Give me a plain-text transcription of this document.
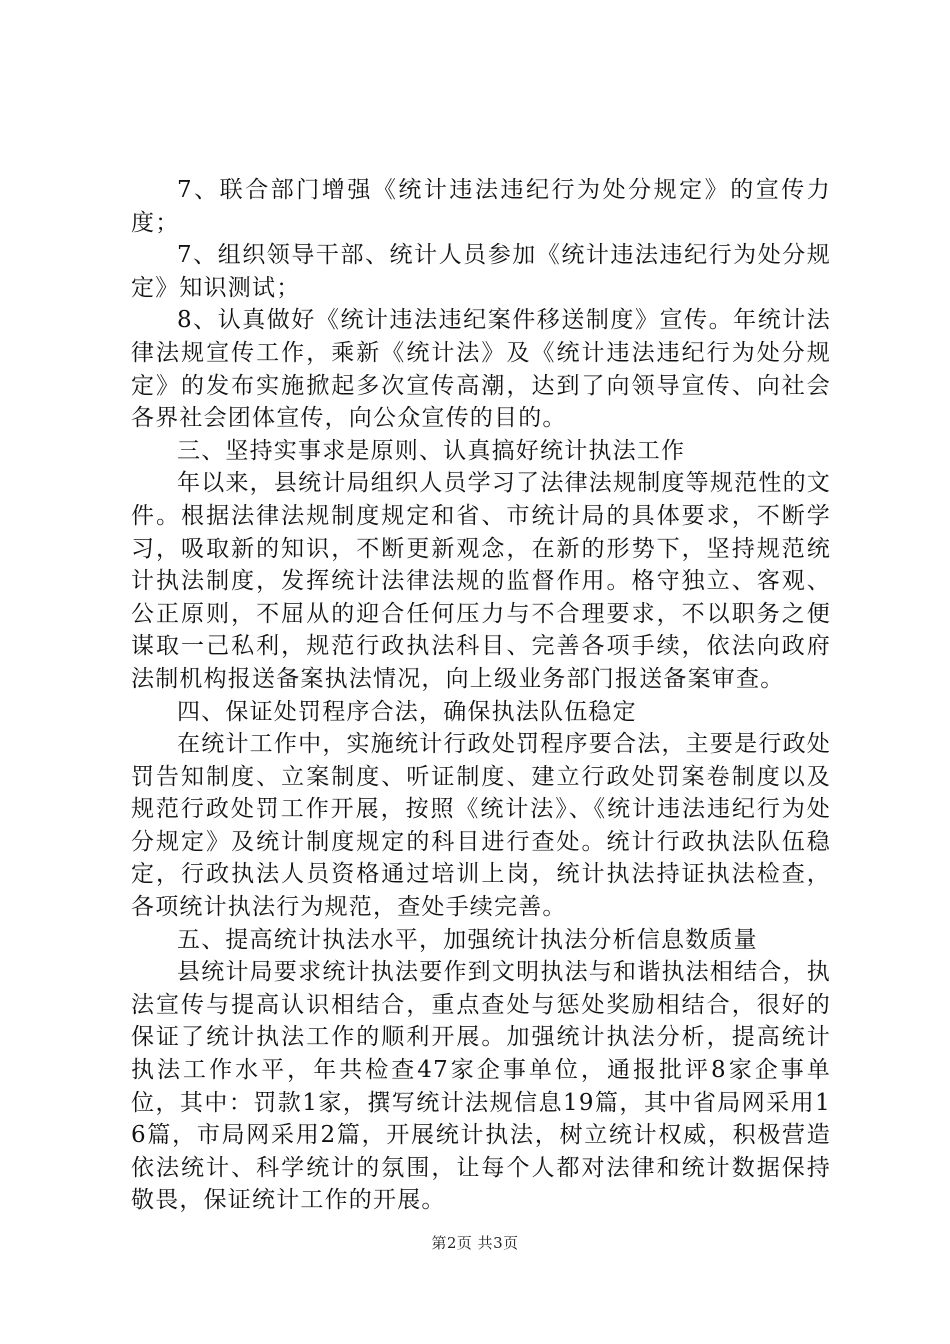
7、联合部门增强《统计违法违纪行为处分规定》的宣传力度；

7、组织领导干部、统计人员参加《统计违法违纪行为处分规定》知识测试；

8、认真做好《统计违法违纪案件移送制度》宣传。年统计法律法规宣传工作，乘新《统计法》及《统计违法违纪行为处分规定》的发布实施掀起多次宣传高潮，达到了向领导宣传、向社会各界社会团体宣传，向公众宣传的目的。

三、坚持实事求是原则、认真搞好统计执法工作

年以来，县统计局组织人员学习了法律法规制度等规范性的文件。根据法律法规制度规定和省、市统计局的具体要求，不断学习，吸取新的知识，不断更新观念，在新的形势下，坚持规范统计执法制度，发挥统计法律法规的监督作用。格守独立、客观、公正原则，不屈从的迎合任何压力与不合理要求，不以职务之便谋取一己私利，规范行政执法科目、完善各项手续，依法向政府法制机构报送备案执法情况，向上级业务部门报送备案审查。

四、保证处罚程序合法，确保执法队伍稳定

在统计工作中，实施统计行政处罚程序要合法，主要是行政处罚告知制度、立案制度、听证制度、建立行政处罚案卷制度以及规范行政处罚工作开展，按照《统计法》、《统计违法违纪行为处分规定》及统计制度规定的科目进行查处。统计行政执法队伍稳定，行政执法人员资格通过培训上岗，统计执法持证执法检查，各项统计执法行为规范，查处手续完善。

五、提高统计执法水平，加强统计执法分析信息数质量

县统计局要求统计执法要作到文明执法与和谐执法相结合，执法宣传与提高认识相结合，重点查处与惩处奖励相结合，很好的保证了统计执法工作的顺利开展。加强统计执法分析，提高统计执法工作水平，年共检查47家企事单位，通报批评8家企事单位，其中：罚款1家，撰写统计法规信息19篇，其中省局网采用16篇，市局网采用2篇，开展统计执法，树立统计权威，积极营造依法统计、科学统计的氛围，让每个人都对法律和统计数据保持敬畏，保证统计工作的开展。

第2页 共3页
